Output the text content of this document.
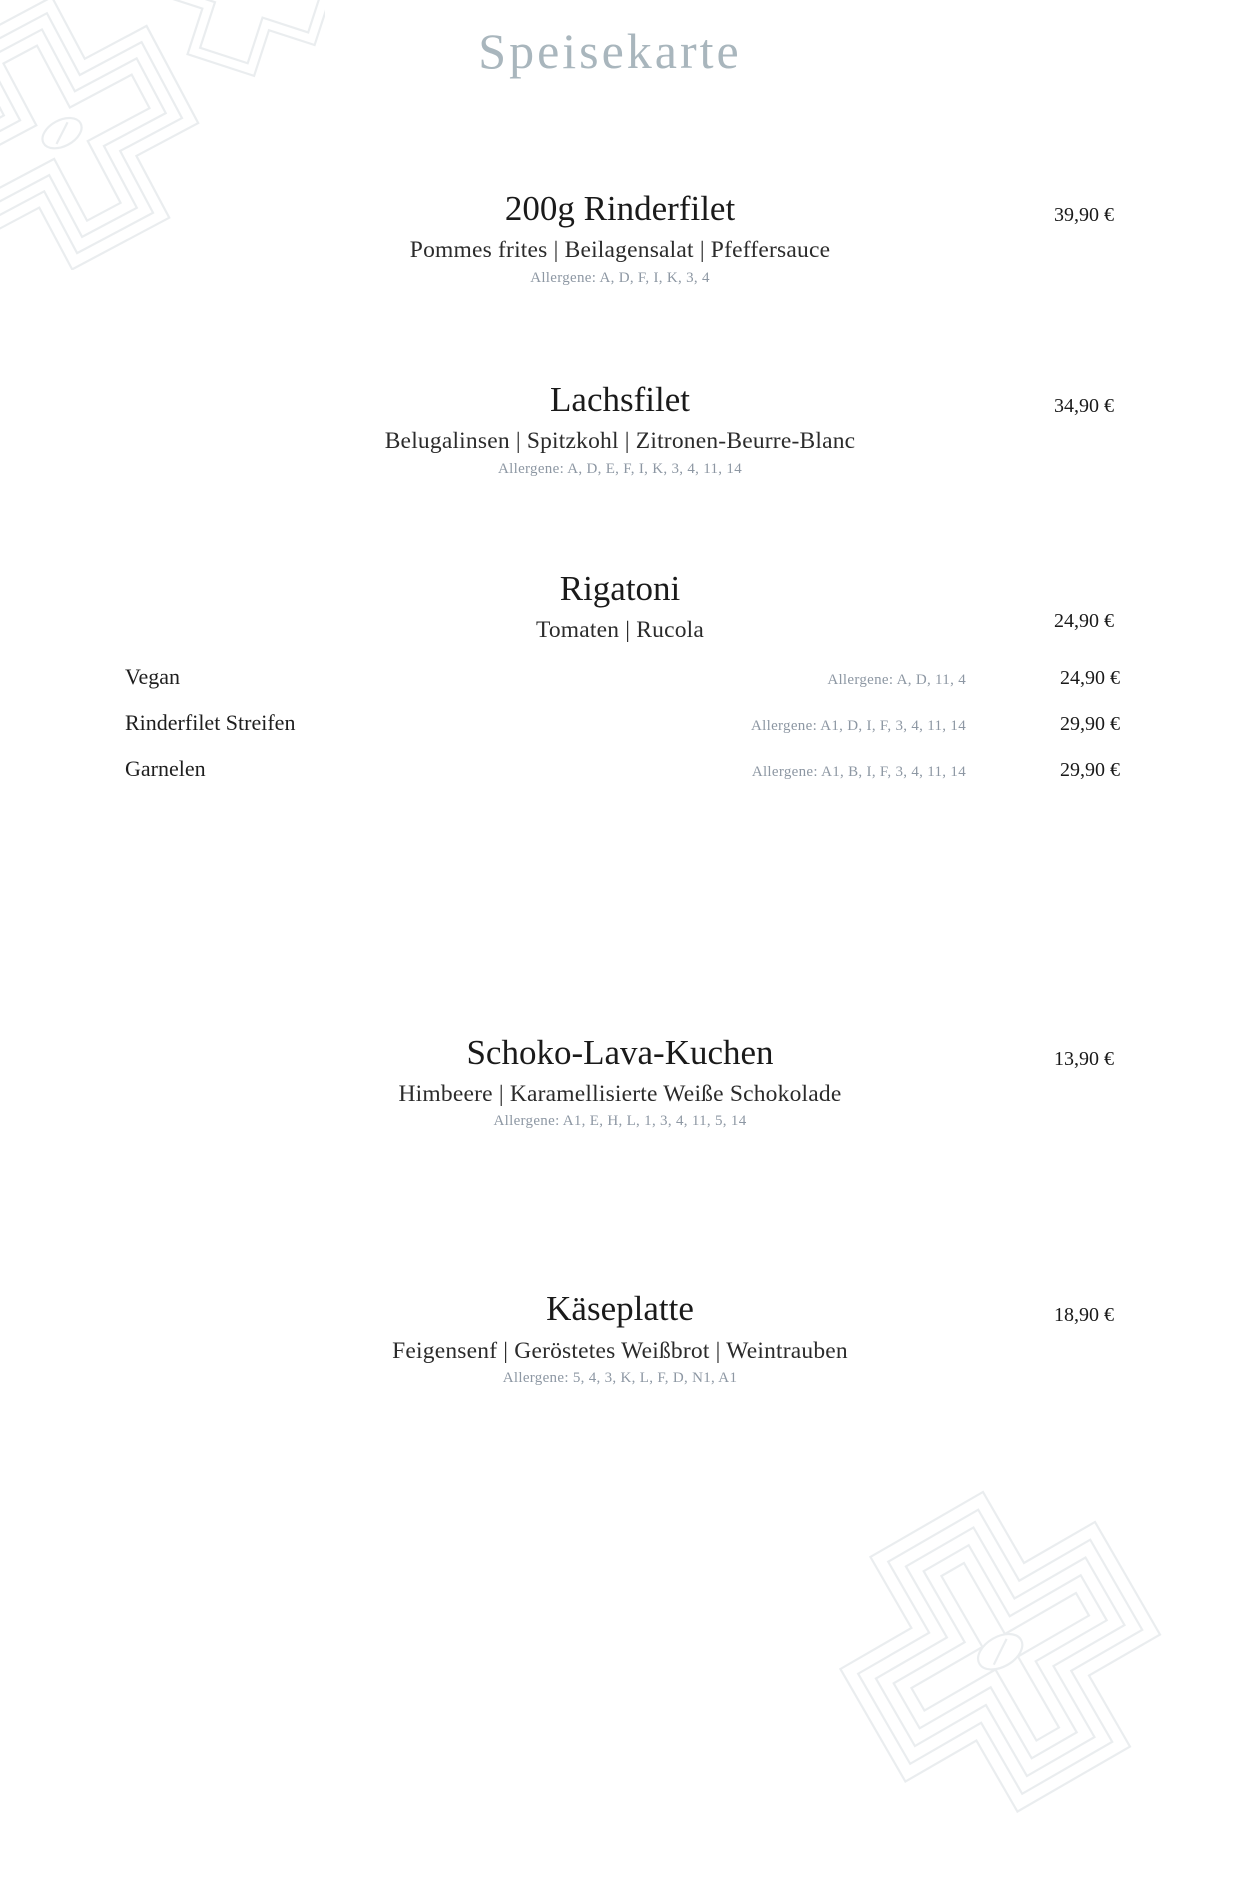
Speisekarte
39,90 €

200g Rinderfilet

Pommes frites | Beilagensalat | Pfeffersauce

Allergene: A, D, F, I, K, 3, 4

34,90 €

Lachsfilet

Belugalinsen | Spitzkohl | Zitronen-Beurre-Blanc

Allergene: A, D, E, F, I, K, 3, 4, 11, 14

24,90 €

Rigatoni

Tomaten | Rucola

Vegan	Allergene: A, D, 11, 4	24,90 €
Rinderfilet Streifen	Allergene: A1, D, I, F, 3, 4, 11, 14	29,90 €
Garnelen	Allergene: A1, B, I, F, 3, 4, 11, 14	29,90 €
13,90 €

Schoko-Lava-Kuchen

Himbeere | Karamellisierte Weiße Schokolade

Allergene: A1, E, H, L, 1, 3, 4, 11, 5, 14

18,90 €

Käseplatte

Feigensenf | Geröstetes Weißbrot | Weintrauben

Allergene: 5, 4, 3, K, L, F, D, N1, A1
